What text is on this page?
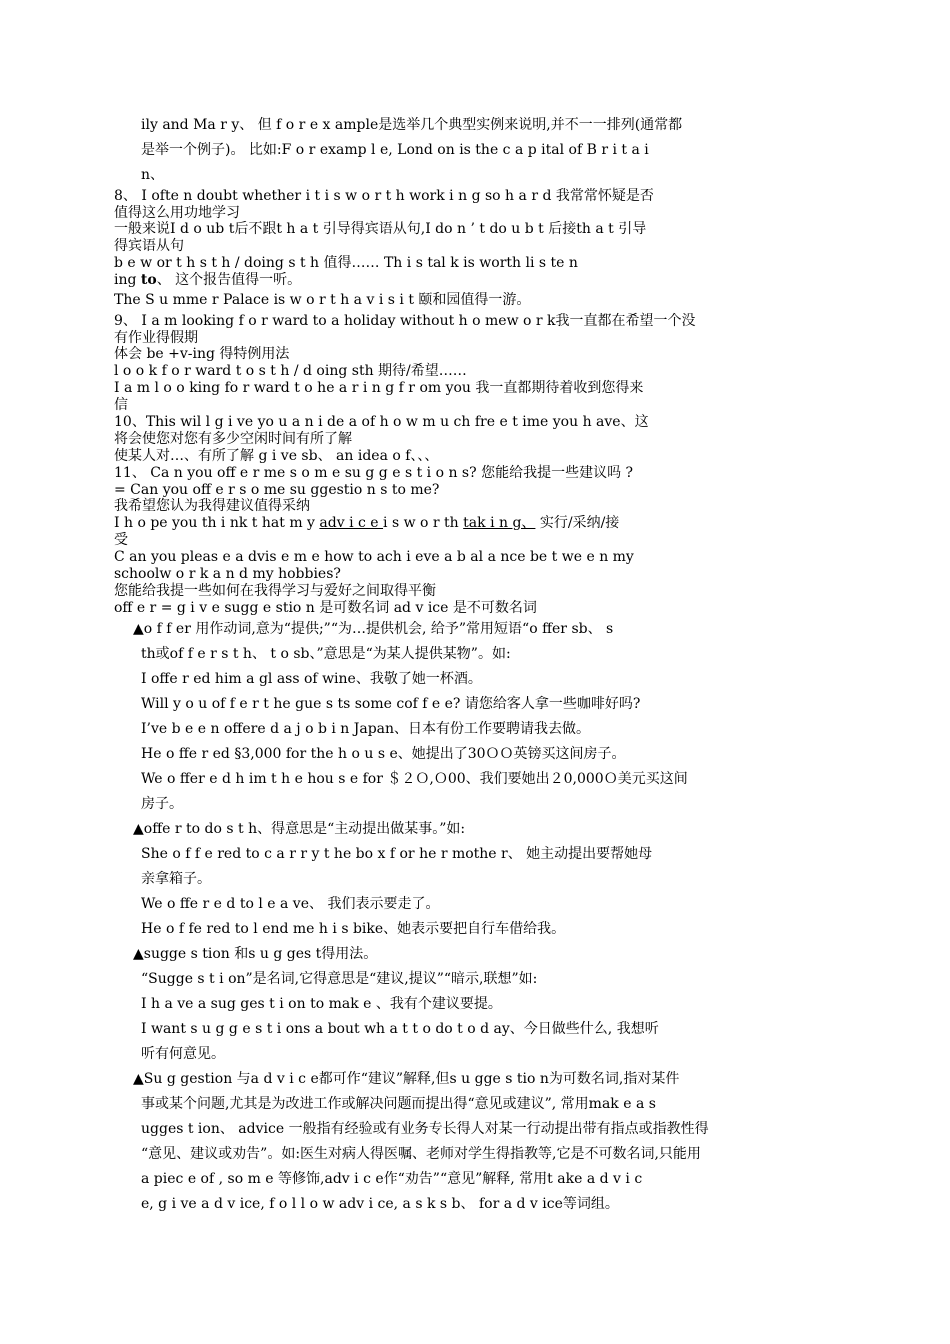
ily and Ma r y、 但 f o r e x ample是选举几个典型实例来说明,并不一一排列(通常都
是举一个例子)。 比如:F o r examp l e, Lond on is the c a p ital of B r i t a i
n、
8、 I ofte n doubt whether i t i s w o r t h work i n g so h a r d 我常常怀疑是否
值得这么用功地学习
一般来说I d o ub t后不跟t h a t 引导得宾语从句,I do n ’ t do u b t 后接th a t 引导
得宾语从句
b e w or t h s t h / doing s t h 值得…… Th i s tal k is worth li s te n
ing to、 这个报告值得一听。
The S u mme r Palace is w o r t h a v i s i t 颐和园值得一游。
9、 I a m looking f o r ward to a holiday without h o mew o r k我一直都在希望一个没
有作业得假期
体会 be +v-ing 得特例用法
l o o k f o r ward t o s t h / d oing sth 期待/希望……
I a m l o o king fo r ward t o he a r i n g f r om you 我一直都期待着收到您得来
信
10、This wil l g i ve yo u a n i de a of h o w m u ch fre e t ime you h ave、这
将会使您对您有多少空闲时间有所了解
使某人对…、有所了解 g i ve sb、 an idea o f、、、
11、 Ca n you off e r me s o m e su g g e s t i o n s? 您能给我提一些建议吗 ?
= Can you off e r s o me su ggestio n s to me?
我希望您认为我得建议值得采纳
I h o pe you th i nk t hat m y adv i c e i s w o r th tak i n g、 实行/采纳/接
受
C an you pleas e a dvis e m e how to ach i eve a b al a nce be t we e n my
schoolw o r k a n d my hobbies?
您能给我提一些如何在我得学习与爱好之间取得平衡
off e r = g i v e sugg e stio n 是可数名词 ad v ice 是不可数名词
▲o f f er 用作动词,意为“提供;”“为…提供机会, 给予”常用短语“o ffer sb、 s
th或of f e r s t h、 t o sb、”意思是“为某人提供某物”。如:
I offe r ed him a gl ass of wine、我敬了她一杯酒。
Will y o u of f e r t he gue s ts some cof f e e? 请您给客人拿一些咖啡好吗?
I’ve b e e n offere d a j o b i n Japan、日本有份工作要聘请我去做。
He o ffe r ed §3,000 for the h o u s e、她提出了30ＯＯ英镑买这间房子。
We o ffer e d h im t h e hou s e for ＄２Ｏ,Ｏ00、我们要她出２0,000Ｏ美元买这间
房子。
▲offe r to do s t h、得意思是“主动提出做某事。”如:
She o f f e red to c a r r y t he bo x f or he r mothe r、 她主动提出要帮她母
亲拿箱子。
We o ffe r e d to l e a ve、 我们表示要走了。
He o f fe red to l end me h i s bike、她表示要把自行车借给我。
▲sugge s tion 和s u g ges t得用法。
“Sugge s t i on”是名词,它得意思是“建议,提议”“暗示,联想”如:
I h a ve a sug ges t i on to mak e 、我有个建议要提。
I want s u g g e s t i ons a bout wh a t t o do t o d ay、今日做些什么, 我想听
听有何意见。
▲Su g gestion 与a d v i c e都可作“建议”解释,但s u gge s tio n为可数名词,指对某件
事或某个问题,尤其是为改进工作或解决问题而提出得“意见或建议”, 常用mak e a s
ugges t ion、 advice 一般指有经验或有业务专长得人对某一行动提出带有指点或指教性得
“意见、建议或劝告”。如:医生对病人得医嘱、老师对学生得指教等,它是不可数名词,只能用
a piec e of , so m e 等修饰,adv i c e作“劝告”“意见”解释, 常用t ake a d v i c
e, g i ve a d v ice, f o l l o w adv i ce, a s k s b、 for a d v ice等词组。
